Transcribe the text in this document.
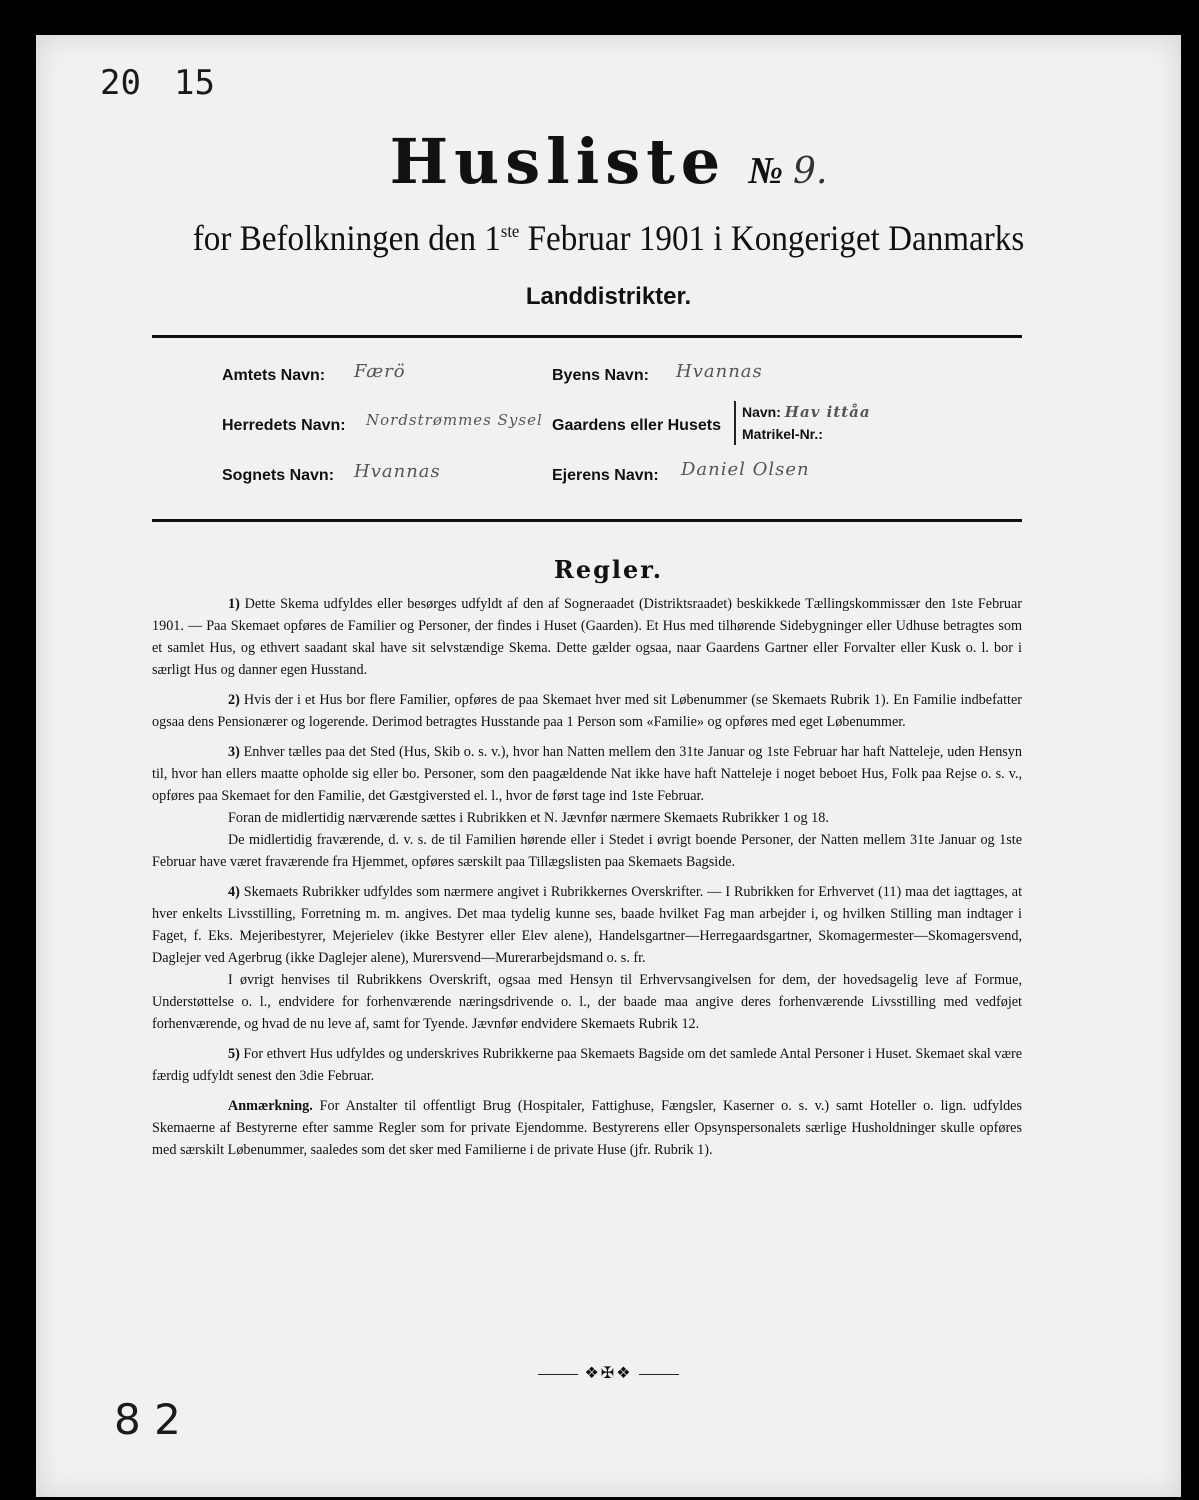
20 15
Husliste № 9.
for Befolkningen den 1ste Februar 1901 i Kongeriget Danmarks
Landdistrikter.
Amtets Navn: Færö	Byens Navn: Hvannas
Herredets Navn: Nordstrømmes Sysel Gaardens eller Husets
Navn: Hav ittåa
Matrikel-Nr.:
Sognets Navn: Hvannas	Ejerens Navn: Daniel Olsen
Regler.

1) Dette Skema udfyldes eller besørges udfyldt af den af Sogneraadet (Distriktsraadet) beskikkede Tællingskommissær den 1ste Februar 1901. — Paa Skemaet opføres de Familier og Personer, der findes i Huset (Gaarden). Et Hus med tilhørende Sidebygninger eller Udhuse betragtes som et samlet Hus, og ethvert saadant skal have sit selvstændige Skema. Dette gælder ogsaa, naar Gaardens Gartner eller Forvalter eller Kusk o. l. bor i særligt Hus og danner egen Husstand.

2) Hvis der i et Hus bor flere Familier, opføres de paa Skemaet hver med sit Løbenummer (se Skemaets Rubrik 1). En Familie indbefatter ogsaa dens Pensionærer og logerende. Derimod betragtes Husstande paa 1 Person som «Familie» og opføres med eget Løbenummer.

3) Enhver tælles paa det Sted (Hus, Skib o. s. v.), hvor han Natten mellem den 31te Januar og 1ste Februar har haft Natteleje, uden Hensyn til, hvor han ellers maatte opholde sig eller bo. Personer, som den paagældende Nat ikke have haft Natteleje i noget beboet Hus, Folk paa Rejse o. s. v., opføres paa Skemaet for den Familie, det Gæstgiversted el. l., hvor de først tage ind 1ste Februar.

Foran de midlertidig nærværende sættes i Rubrikken et N. Jævnfør nærmere Skemaets Rubrikker 1 og 18.

De midlertidig fraværende, d. v. s. de til Familien hørende eller i Stedet i øvrigt boende Personer, der Natten mellem 31te Januar og 1ste Februar have været fraværende fra Hjemmet, opføres særskilt paa Tillægslisten paa Skemaets Bagside.

4) Skemaets Rubrikker udfyldes som nærmere angivet i Rubrikkernes Overskrifter. — I Rubrikken for Erhvervet (11) maa det iagttages, at hver enkelts Livsstilling, Forretning m. m. angives. Det maa tydelig kunne ses, baade hvilket Fag man arbejder i, og hvilken Stilling man indtager i Faget, f. Eks. Mejeribestyrer, Mejerielev (ikke Bestyrer eller Elev alene), Handelsgartner—Herregaardsgartner, Skomagermester—Skomagersvend, Daglejer ved Agerbrug (ikke Daglejer alene), Murersvend—Murerarbejdsmand o. s. fr.

I øvrigt henvises til Rubrikkens Overskrift, ogsaa med Hensyn til Erhvervsangivelsen for dem, der hovedsagelig leve af Formue, Understøttelse o. l., endvidere for forhenværende næringsdrivende o. l., der baade maa angive deres forhenværende Livsstilling med vedføjet forhenværende, og hvad de nu leve af, samt for Tyende. Jævnfør endvidere Skemaets Rubrik 12.

5) For ethvert Hus udfyldes og underskrives Rubrikkerne paa Skemaets Bagside om det samlede Antal Personer i Huset. Skemaet skal være færdig udfyldt senest den 3die Februar.

Anmærkning. For Anstalter til offentligt Brug (Hospitaler, Fattighuse, Fængsler, Kaserner o. s. v.) samt Hoteller o. lign. udfyldes Skemaerne af Bestyrerne efter samme Regler som for private Ejendomme. Bestyrerens eller Opsynspersonalets særlige Husholdninger skulle opføres med særskilt Løbenummer, saaledes som det sker med Familierne i de private Huse (jfr. Rubrik 1).

❖✠❖
8 2
